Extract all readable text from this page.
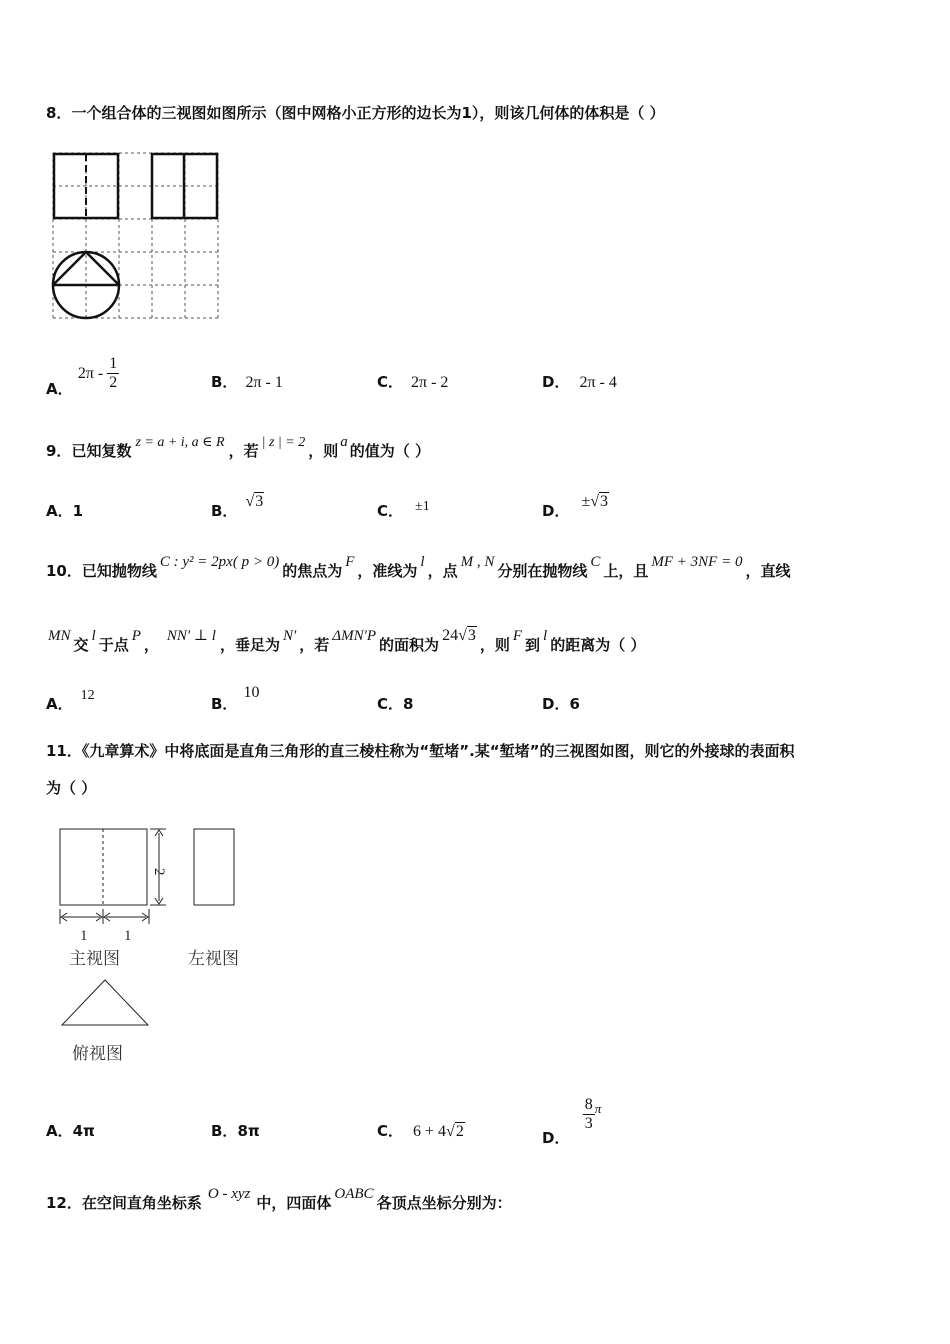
8．一个组合体的三视图如图所示（图中网格小正方形的边长为1），则该几何体的体积是（ ）
A． $2\pi - \frac{1}{2}$	B． 2π - 1	C． 2π - 2	D． 2π - 4
9．已知复数 z = a + i, a ∈ R ，若 | z | = 2 ，则 a 的值为（ ）
A．1	B．√3
C． ±1	D．±√3
10．已知抛物线 C : y² = 2px( p > 0) 的焦点为 F ，准线为 l ，点 M , N 分别在抛物线 C 上，且 MF + 3NF = 0 ，直线
MN 交 l 于点 P ， NN′ ⊥ l ，垂足为 N′ ，若 ΔMN′P 的面积为24√3，则 F 到 l 的距离为（ ）
A． 12	B．10
C．8	D．6
11．《九章算术》中将底面是直角三角形的直三棱柱称为“堑堵”.某“堑堵”的三视图如图，则它的外接球的表面积
为（ ）
2
1 1
主视图	左视图
俯视图
A．4π	B．8π	C． 6 + 4√2	D．
$\frac{8}{3}$ π
12．在空间直角坐标系 O - xyz 中，四面体 OABC 各顶点坐标分别为：
